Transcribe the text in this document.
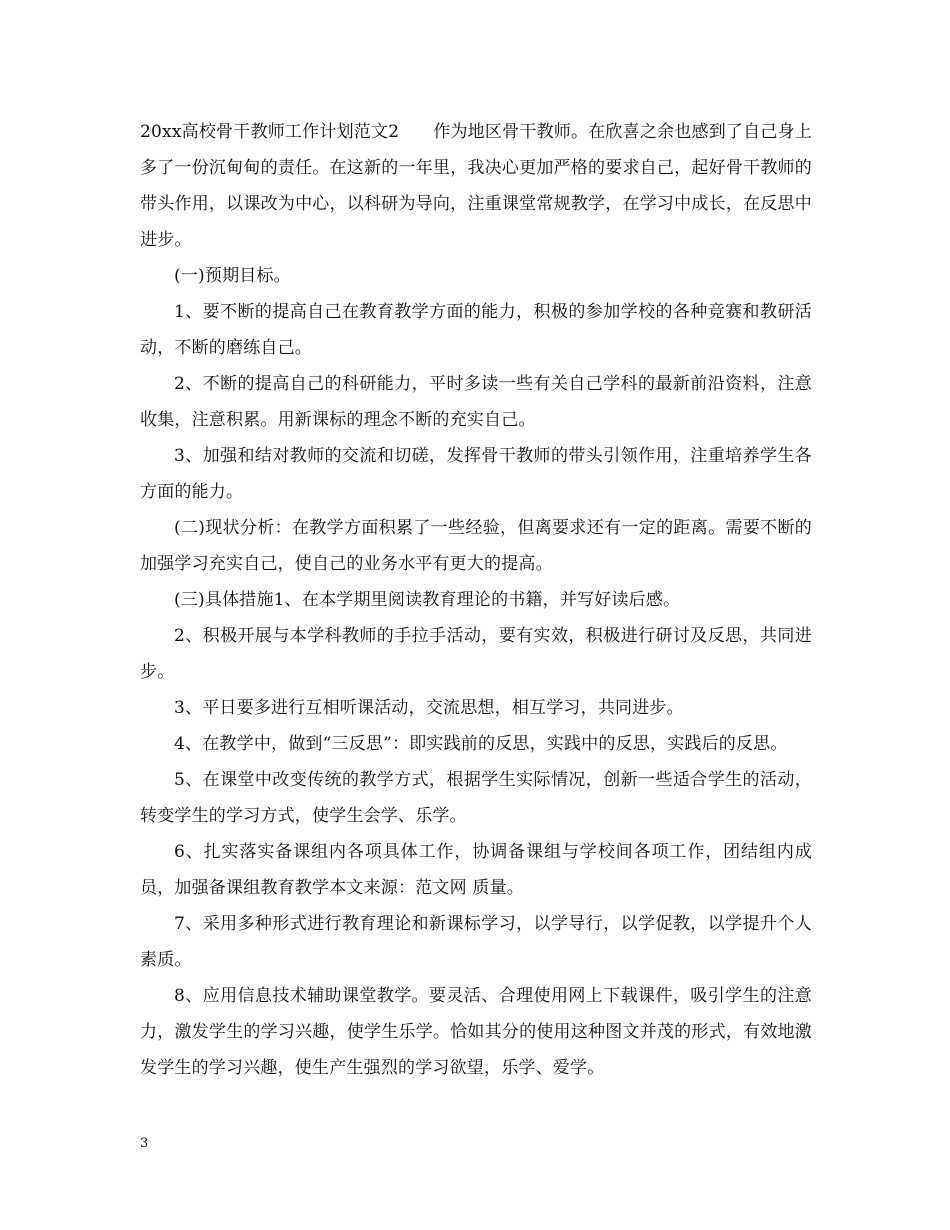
20xx高校骨干教师工作计划范文2 作为地区骨干教师。在欣喜之余也感到了自己身上多了一份沉甸甸的责任。在这新的一年里，我决心更加严格的要求自己，起好骨干教师的带头作用，以课改为中心，以科研为导向，注重课堂常规教学，在学习中成长，在反思中进步。

(一)预期目标。

1、要不断的提高自己在教育教学方面的能力，积极的参加学校的各种竞赛和教研活动，不断的磨练自己。

2、不断的提高自己的科研能力，平时多读一些有关自己学科的最新前沿资料，注意收集，注意积累。用新课标的理念不断的充实自己。

3、加强和结对教师的交流和切磋，发挥骨干教师的带头引领作用，注重培养学生各方面的能力。

(二)现状分析：在教学方面积累了一些经验，但离要求还有一定的距离。需要不断的加强学习充实自己，使自己的业务水平有更大的提高。

(三)具体措施1、在本学期里阅读教育理论的书籍，并写好读后感。

2、积极开展与本学科教师的手拉手活动，要有实效，积极进行研讨及反思，共同进步。

3、平日要多进行互相听课活动，交流思想，相互学习，共同进步。

4、在教学中，做到“三反思”：即实践前的反思，实践中的反思，实践后的反思。

5、在课堂中改变传统的教学方式，根据学生实际情况，创新一些适合学生的活动，转变学生的学习方式，使学生会学、乐学。

6、扎实落实备课组内各项具体工作，协调备课组与学校间各项工作，团结组内成员，加强备课组教育教学本文来源：范文网 质量。

7、采用多种形式进行教育理论和新课标学习，以学导行，以学促教，以学提升个人素质。

8、应用信息技术辅助课堂教学。要灵活、合理使用网上下载课件，吸引学生的注意力，激发学生的学习兴趣，使学生乐学。恰如其分的使用这种图文并茂的形式，有效地激发学生的学习兴趣，使生产生强烈的学习欲望，乐学、爱学。

3
